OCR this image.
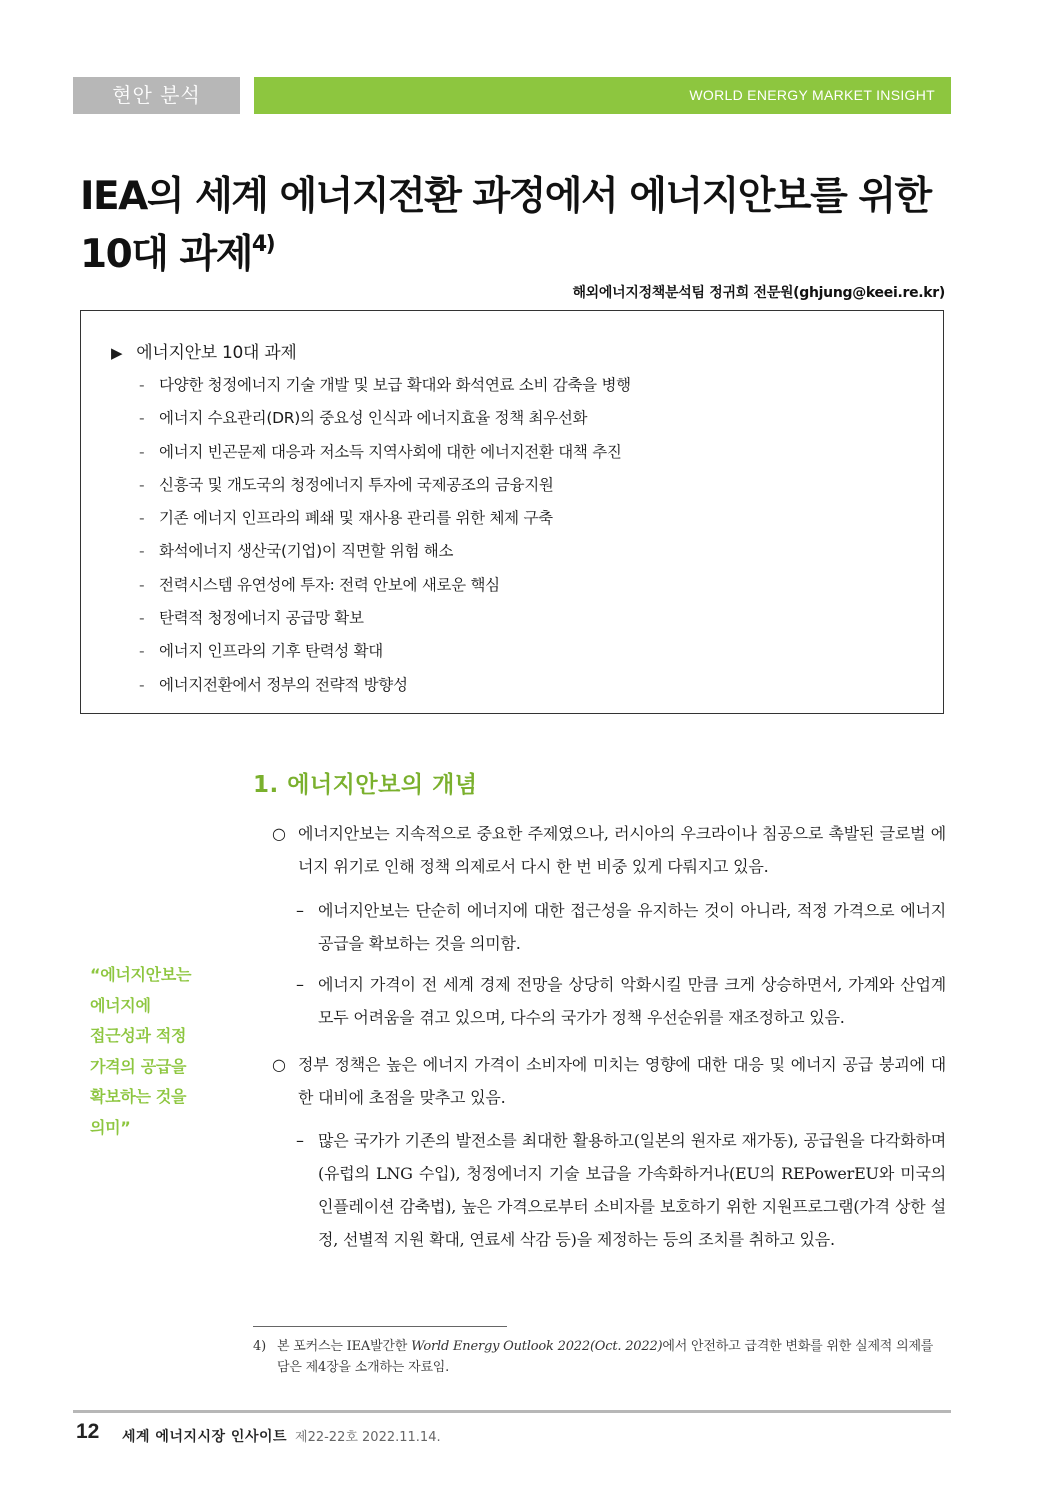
현안 분석	WORLD ENERGY MARKET INSIGHT
IEA의 세계 에너지전환 과정에서 에너지안보를 위한
10대 과제$^{4)}$
해외에너지정책분석팀 정귀희 전문원(ghjung@keei.re.kr)
▶ 에너지안보 10대 과제
- 다양한 청정에너지 기술 개발 및 보급 확대와 화석연료 소비 감축을 병행
- 에너지 수요관리(DR)의 중요성 인식과 에너지효율 정책 최우선화
- 에너지 빈곤문제 대응과 저소득 지역사회에 대한 에너지전환 대책 추진
- 신흥국 및 개도국의 청정에너지 투자에 국제공조의 금융지원
- 기존 에너지 인프라의 폐쇄 및 재사용 관리를 위한 체제 구축
- 화석에너지 생산국(기업)이 직면할 위험 해소
- 전력시스템 유연성에 투자: 전력 안보에 새로운 핵심
- 탄력적 청정에너지 공급망 확보
- 에너지 인프라의 기후 탄력성 확대
- 에너지전환에서 정부의 전략적 방향성
1. 에너지안보의 개념
“에너지안보는
에너지에
접근성과 적정
가격의 공급을
확보하는 것을
의미”
○ 에너지안보는 지속적으로 중요한 주제였으나, 러시아의 우크라이나 침공으로 촉발된 글로벌 에너지 위기로 인해 정책 의제로서 다시 한 번 비중 있게 다뤄지고 있음.
– 에너지안보는 단순히 에너지에 대한 접근성을 유지하는 것이 아니라, 적정 가격으로 에너지 공급을 확보하는 것을 의미함.
– 에너지 가격이 전 세계 경제 전망을 상당히 악화시킬 만큼 크게 상승하면서, 가계와 산업계 모두 어려움을 겪고 있으며, 다수의 국가가 정책 우선순위를 재조정하고 있음.
○ 정부 정책은 높은 에너지 가격이 소비자에 미치는 영향에 대한 대응 및 에너지 공급 붕괴에 대한 대비에 초점을 맞추고 있음.
– 많은 국가가 기존의 발전소를 최대한 활용하고(일본의 원자로 재가동), 공급원을 다각화하며(유럽의 LNG 수입), 청정에너지 기술 보급을 가속화하거나(EU의 REPowerEU와 미국의 인플레이션 감축법), 높은 가격으로부터 소비자를 보호하기 위한 지원프로그램(가격 상한 설정, 선별적 지원 확대, 연료세 삭감 등)을 제정하는 등의 조치를 취하고 있음.
4) 본 포커스는 IEA발간한 World Energy Outlook 2022(Oct. 2022)에서 안전하고 급격한 변화를 위한 실제적 의제를 담은 제4장을 소개하는 자료임.
12 세계 에너지시장 인사이트 제22-22호 2022.11.14.
